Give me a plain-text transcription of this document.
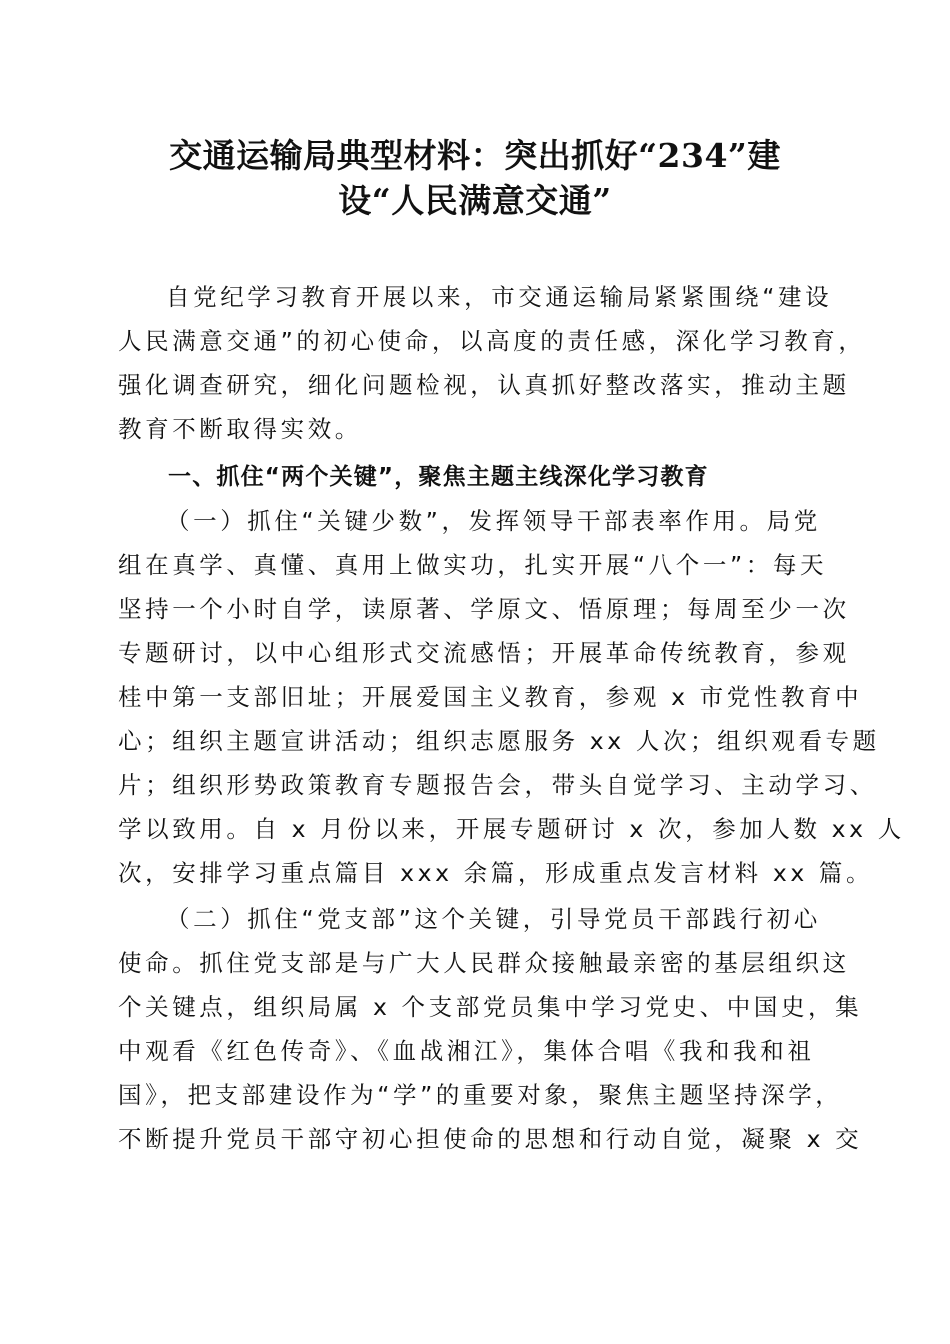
交通运输局典型材料：突出抓好“234”建
设“人民满意交通”
自党纪学习教育开展以来，市交通运输局紧紧围绕“建设
人民满意交通”的初心使命，以高度的责任感，深化学习教育，
强化调查研究，细化问题检视，认真抓好整改落实，推动主题
教育不断取得实效。
一、抓住“两个关键”，聚焦主题主线深化学习教育
（一）抓住“关键少数”，发挥领导干部表率作用。局党
组在真学、真懂、真用上做实功，扎实开展“八个一”：每天
坚持一个小时自学，读原著、学原文、悟原理；每周至少一次
专题研讨，以中心组形式交流感悟；开展革命传统教育，参观
桂中第一支部旧址；开展爱国主义教育，参观 x 市党性教育中
心；组织主题宣讲活动；组织志愿服务 xx 人次；组织观看专题
片；组织形势政策教育专题报告会，带头自觉学习、主动学习、
学以致用。自 x 月份以来，开展专题研讨 x 次，参加人数 xx 人
次，安排学习重点篇目 xxx 余篇，形成重点发言材料 xx 篇。
（二）抓住“党支部”这个关键，引导党员干部践行初心
使命。抓住党支部是与广大人民群众接触最亲密的基层组织这
个关键点，组织局属 x 个支部党员集中学习党史、中国史，集
中观看《红色传奇》、《血战湘江》，集体合唱《我和我和祖
国》，把支部建设作为“学”的重要对象，聚焦主题坚持深学，
不断提升党员干部守初心担使命的思想和行动自觉，凝聚 x 交
